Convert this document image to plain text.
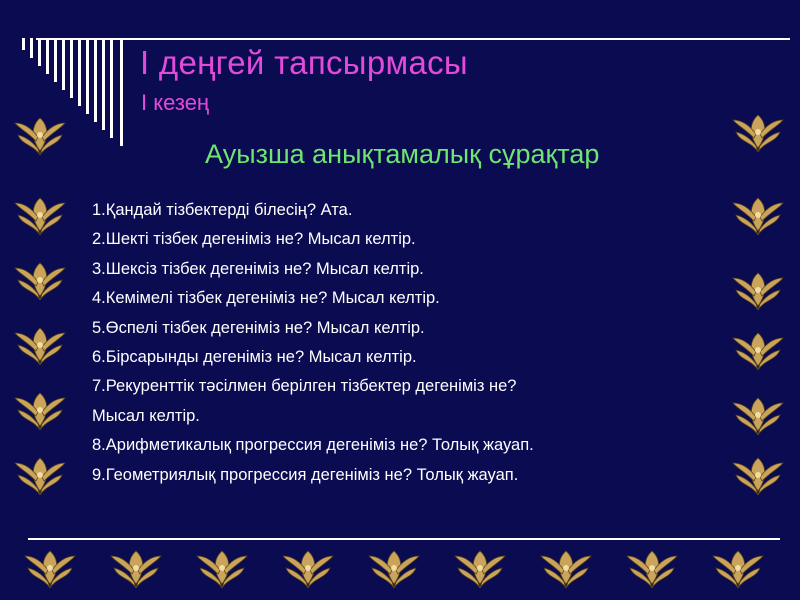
І деңгей тапсырмасы
І кезең
Ауызша анықтамалық сұрақтар
1.Қандай тізбектерді білесің? Ата.
2.Шекті тізбек дегеніміз не? Мысал келтір.
3.Шексіз тізбек дегеніміз не? Мысал келтір.
4.Кемімелі тізбек дегеніміз не? Мысал келтір.
5.Өспелі тізбек дегеніміз не? Мысал келтір.
6.Бірсарынды дегеніміз не? Мысал келтір.
7.Рекуренттік тәсілмен берілген тізбектер дегеніміз не?
Мысал келтір.
8.Арифметикалық прогрессия дегеніміз не? Толық жауап.
9.Геометриялық прогрессия дегеніміз не? Толық жауап.
